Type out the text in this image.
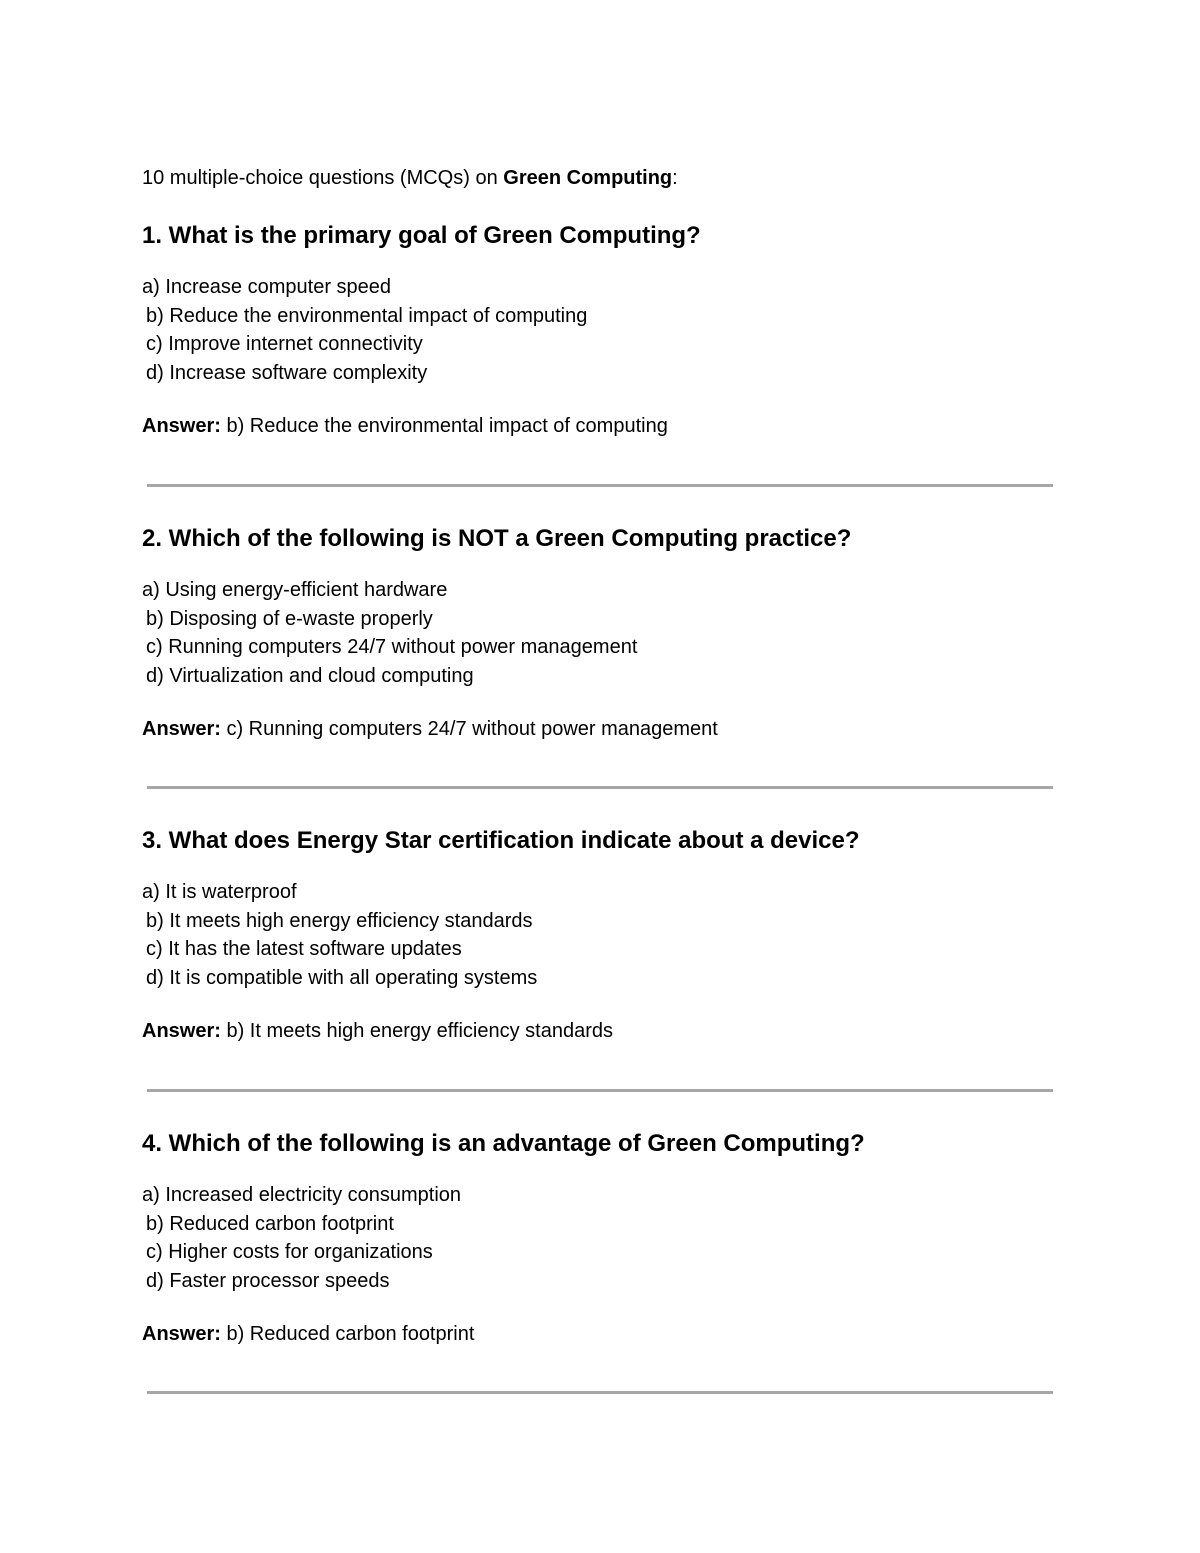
10 multiple-choice questions (MCQs) on Green Computing:
1. What is the primary goal of Green Computing?
a) Increase computer speed
b) Reduce the environmental impact of computing
c) Improve internet connectivity
d) Increase software complexity
Answer: b) Reduce the environmental impact of computing
2. Which of the following is NOT a Green Computing practice?
a) Using energy-efficient hardware
b) Disposing of e-waste properly
c) Running computers 24/7 without power management
d) Virtualization and cloud computing
Answer: c) Running computers 24/7 without power management
3. What does Energy Star certification indicate about a device?
a) It is waterproof
b) It meets high energy efficiency standards
c) It has the latest software updates
d) It is compatible with all operating systems
Answer: b) It meets high energy efficiency standards
4. Which of the following is an advantage of Green Computing?
a) Increased electricity consumption
b) Reduced carbon footprint
c) Higher costs for organizations
d) Faster processor speeds
Answer: b) Reduced carbon footprint
